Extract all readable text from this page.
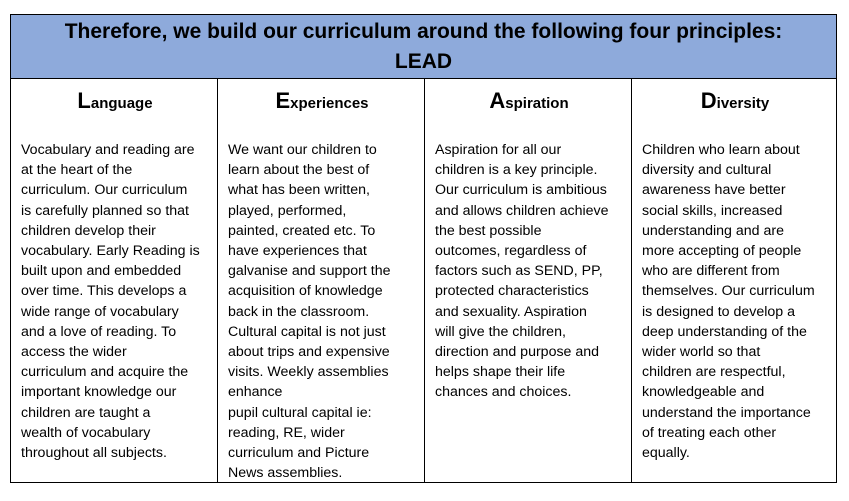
Therefore, we build our curriculum around the following four principles:
LEAD
Language
Vocabulary and reading are
at the heart of the
curriculum. Our curriculum
is carefully planned so that
children develop their
vocabulary. Early Reading is
built upon and embedded
over time. This develops a
wide range of vocabulary
and a love of reading. To
access the wider
curriculum and acquire the
important knowledge our
children are taught a
wealth of vocabulary
throughout all subjects.
Experiences
We want our children to
learn about the best of
what has been written,
played, performed,
painted, created etc. To
have experiences that
galvanise and support the
acquisition of knowledge
back in the classroom.
Cultural capital is not just
about trips and expensive
visits. Weekly assemblies
enhance
pupil cultural capital ie:
reading, RE, wider
curriculum and Picture
News assemblies.
Aspiration
Aspiration for all our
children is a key principle.
Our curriculum is ambitious
and allows children achieve
the best possible
outcomes, regardless of
factors such as SEND, PP,
protected characteristics
and sexuality. Aspiration
will give the children,
direction and purpose and
helps shape their life
chances and choices.
Diversity
Children who learn about
diversity and cultural
awareness have better
social skills, increased
understanding and are
more accepting of people
who are different from
themselves. Our curriculum
is designed to develop a
deep understanding of the
wider world so that
children are respectful,
knowledgeable and
understand the importance
of treating each other
equally.
